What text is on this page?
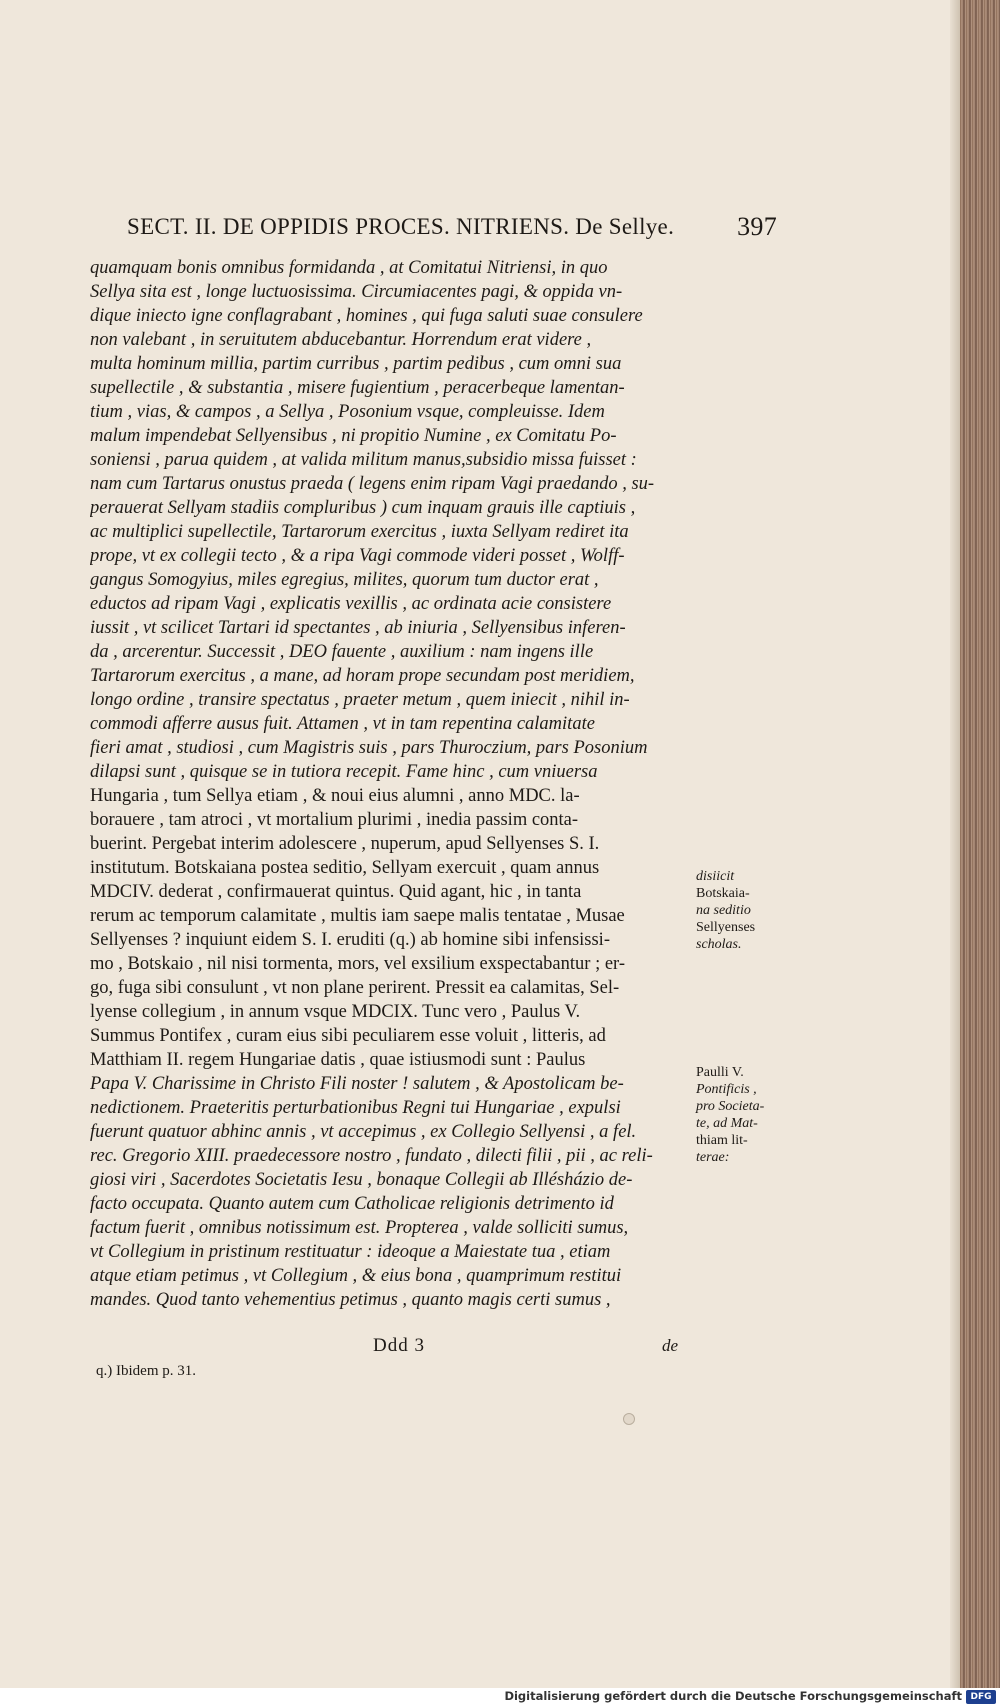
SECT. II. DE OPPIDIS PROCES. NITRIENS. De Sellye. 397
quamquam bonis omnibus formidanda , at Comitatui Nitriensi, in quo
Sellya sita est , longe luctuosissima. Circumiacentes pagi, & oppida vn-
dique iniecto igne conflagrabant , homines , qui fuga saluti suae consulere
non valebant , in seruitutem abducebantur. Horrendum erat videre ,
multa hominum millia, partim curribus , partim pedibus , cum omni sua
supellectile , & substantia , misere fugientium , peracerbeque lamentan-
tium , vias, & campos , a Sellya , Posonium vsque, compleuisse. Idem
malum impendebat Sellyensibus , ni propitio Numine , ex Comitatu Po-
soniensi , parua quidem , at valida militum manus,subsidio missa fuisset :
nam cum Tartarus onustus praeda ( legens enim ripam Vagi praedando , su-
perauerat Sellyam stadiis compluribus ) cum inquam grauis ille captiuis ,
ac multiplici supellectile, Tartarorum exercitus , iuxta Sellyam rediret ita
prope, vt ex collegii tecto , & a ripa Vagi commode videri posset , Wolff-
gangus Somogyius, miles egregius, milites, quorum tum ductor erat ,
eductos ad ripam Vagi , explicatis vexillis , ac ordinata acie consistere
iussit , vt scilicet Tartari id spectantes , ab iniuria , Sellyensibus inferen-
da , arcerentur. Successit , DEO fauente , auxilium : nam ingens ille
Tartarorum exercitus , a mane, ad horam prope secundam post meridiem,
longo ordine , transire spectatus , praeter metum , quem iniecit , nihil in-
commodi afferre ausus fuit. Attamen , vt in tam repentina calamitate
fieri amat , studiosi , cum Magistris suis , pars Thuroczium, pars Posonium
dilapsi sunt , quisque se in tutiora recepit. Fame hinc , cum vniuersa
Hungaria , tum Sellya etiam , & noui eius alumni , anno MDC. la-
borauere , tam atroci , vt mortalium plurimi , inedia passim conta-
buerint. Pergebat interim adolescere , nuperum, apud Sellyenses S. I.
institutum. Botskaiana postea seditio, Sellyam exercuit , quam annus
MDCIV. dederat , confirmauerat quintus. Quid agant, hic , in tanta
rerum ac temporum calamitate , multis iam saepe malis tentatae , Musae
Sellyenses ? inquiunt eidem S. I. eruditi (q.) ab homine sibi infensissi-
mo , Botskaio , nil nisi tormenta, mors, vel exsilium exspectabantur ; er-
go, fuga sibi consulunt , vt non plane perirent. Pressit ea calamitas, Sel-
lyense collegium , in annum vsque MDCIX. Tunc vero , Paulus V.
Summus Pontifex , curam eius sibi peculiarem esse voluit , litteris, ad
Matthiam II. regem Hungariae datis , quae istiusmodi sunt : Paulus
Papa V. Charissime in Christo Fili noster ! salutem , & Apostolicam be-
nedictionem. Praeteritis perturbationibus Regni tui Hungariae , expulsi
fuerunt quatuor abhinc annis , vt accepimus , ex Collegio Sellyensi , a fel.
rec. Gregorio XIII. praedecessore nostro , fundato , dilecti filii , pii , ac reli-
giosi viri , Sacerdotes Societatis Iesu , bonaque Collegii ab Illésházio de-
facto occupata. Quanto autem cum Catholicae religionis detrimento id
factum fuerit , omnibus notissimum est. Propterea , valde solliciti sumus,
vt Collegium in pristinum restituatur : ideoque a Maiestate tua , etiam
atque etiam petimus , vt Collegium , & eius bona , quamprimum restitui
mandes. Quod tanto vehementius petimus , quanto magis certi sumus ,
disiicit
Botskaia-
na seditio
Sellyenses
scholas.
Paulli V.
Pontificis ,
pro Societa-
te, ad Mat-
thiam lit-
terae:
Ddd 3	de
q.) Ibidem p. 31.
Digitalisierung gefördert durch die Deutsche Forschungsgemeinschaft DFG
